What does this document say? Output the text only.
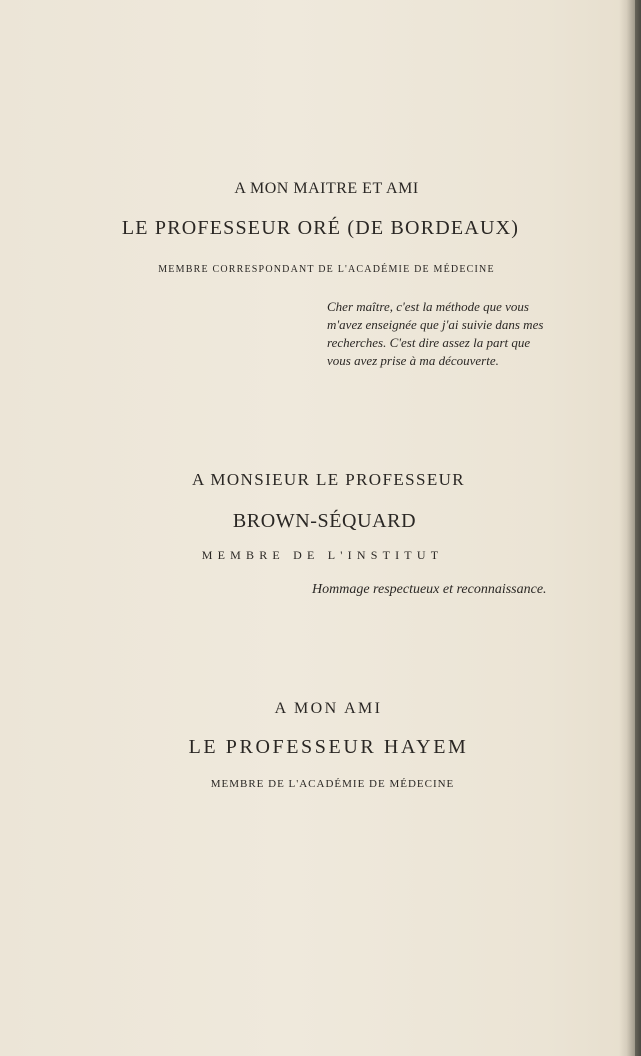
A MON MAITRE ET AMI
LE PROFESSEUR ORÉ (DE BORDEAUX)
MEMBRE CORRESPONDANT DE L'ACADÉMIE DE MÉDECINE
Cher maître, c'est la méthode que vous
m'avez enseignée que j'ai suivie dans mes
recherches. C'est dire assez la part que
vous avez prise à ma découverte.
A MONSIEUR LE PROFESSEUR
BROWN-SÉQUARD
MEMBRE DE L'INSTITUT
Hommage respectueux et reconnaissance.
A MON AMI
LE PROFESSEUR HAYEM
MEMBRE DE L'ACADÉMIE DE MÉDECINE
